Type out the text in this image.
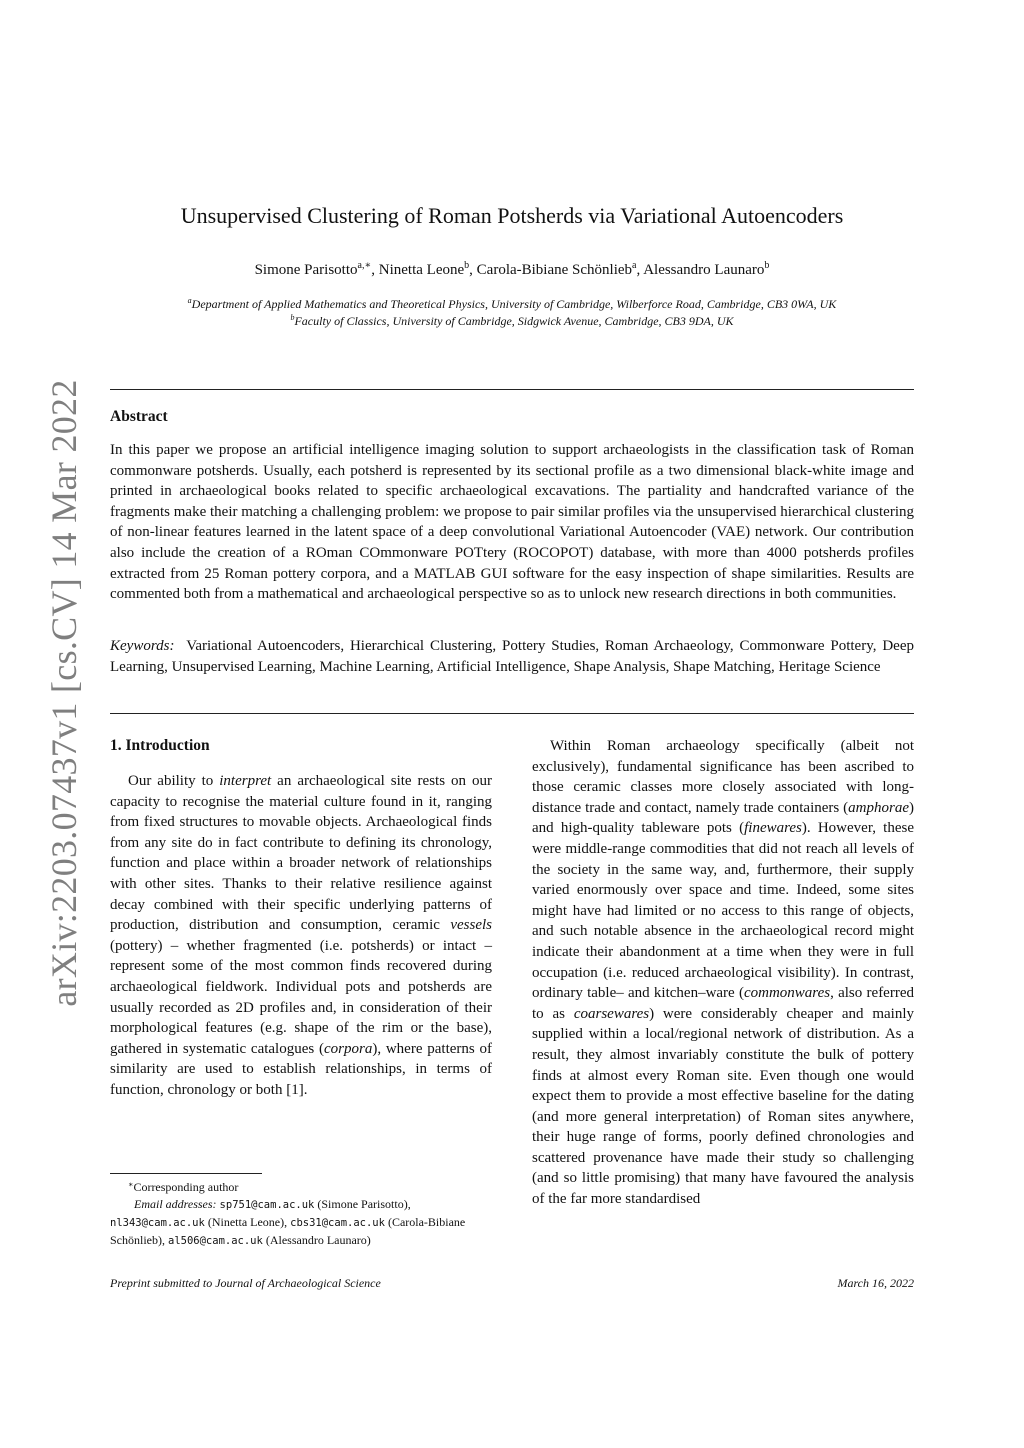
arXiv:2203.07437v1 [cs.CV] 14 Mar 2022
Unsupervised Clustering of Roman Potsherds via Variational Autoencoders
Simone Parisotto$^{a,∗}$, Ninetta Leone$^b$, Carola-Bibiane Schönlieb$^a$, Alessandro Launaro$^b$
$^a$Department of Applied Mathematics and Theoretical Physics, University of Cambridge, Wilberforce Road, Cambridge, CB3 0WA, UK
$^b$Faculty of Classics, University of Cambridge, Sidgwick Avenue, Cambridge, CB3 9DA, UK
Abstract

In this paper we propose an artificial intelligence imaging solution to support archaeologists in the classification task of Roman commonware potsherds. Usually, each potsherd is represented by its sectional profile as a two dimensional black-white image and printed in archaeological books related to specific archaeological excavations. The partiality and handcrafted variance of the fragments make their matching a challenging problem: we propose to pair similar profiles via the unsupervised hierarchical clustering of non-linear features learned in the latent space of a deep convolutional Variational Autoencoder (VAE) network. Our contribution also include the creation of a ROman COmmonware POTtery (ROCOPOT) database, with more than 4000 potsherds profiles extracted from 25 Roman pottery corpora, and a MATLAB GUI software for the easy inspection of shape similarities. Results are commented both from a mathematical and archaeological perspective so as to unlock new research directions in both communities.

Keywords: Variational Autoencoders, Hierarchical Clustering, Pottery Studies, Roman Archaeology, Commonware Pottery, Deep Learning, Unsupervised Learning, Machine Learning, Artificial Intelligence, Shape Analysis, Shape Matching, Heritage Science

1. Introduction

Our ability to interpret an archaeological site rests on our capacity to recognise the material culture found in it, ranging from fixed structures to movable objects. Archaeological finds from any site do in fact contribute to defining its chronology, function and place within a broader network of relationships with other sites. Thanks to their relative resilience against decay combined with their specific underlying patterns of production, distribution and consumption, ceramic vessels (pottery) – whether fragmented (i.e. potsherds) or intact – represent some of the most common finds recovered during archaeological fieldwork. Individual pots and potsherds are usually recorded as 2D profiles and, in consideration of their morphological features (e.g. shape of the rim or the base), gathered in systematic catalogues (corpora), where patterns of similarity are used to establish relationships, in terms of function, chronology or both [1].

Within Roman archaeology specifically (albeit not exclusively), fundamental significance has been ascribed to those ceramic classes more closely associated with long-distance trade and contact, namely trade containers (amphorae) and high-quality tableware pots (finewares). However, these were middle-range commodities that did not reach all levels of the society in the same way, and, furthermore, their supply varied enormously over space and time. Indeed, some sites might have had limited or no access to this range of objects, and such notable absence in the archaeological record might indicate their abandonment at a time when they were in full occupation (i.e. reduced archaeological visibility). In contrast, ordinary table– and kitchen–ware (commonwares, also referred to as coarsewares) were considerably cheaper and mainly supplied within a local/regional network of distribution. As a result, they almost invariably constitute the bulk of pottery finds at almost every Roman site. Even though one would expect them to provide a most effective baseline for the dating (and more general interpretation) of Roman sites anywhere, their huge range of forms, poorly defined chronologies and scattered provenance have made their study so challenging (and so little promising) that many have favoured the analysis of the far more standardised

∗Corresponding author

Email addresses: sp751@cam.ac.uk (Simone Parisotto), nl343@cam.ac.uk (Ninetta Leone), cbs31@cam.ac.uk (Carola-Bibiane Schönlieb), al506@cam.ac.uk (Alessandro Launaro)

Preprint submitted to Journal of Archaeological Science	March 16, 2022
